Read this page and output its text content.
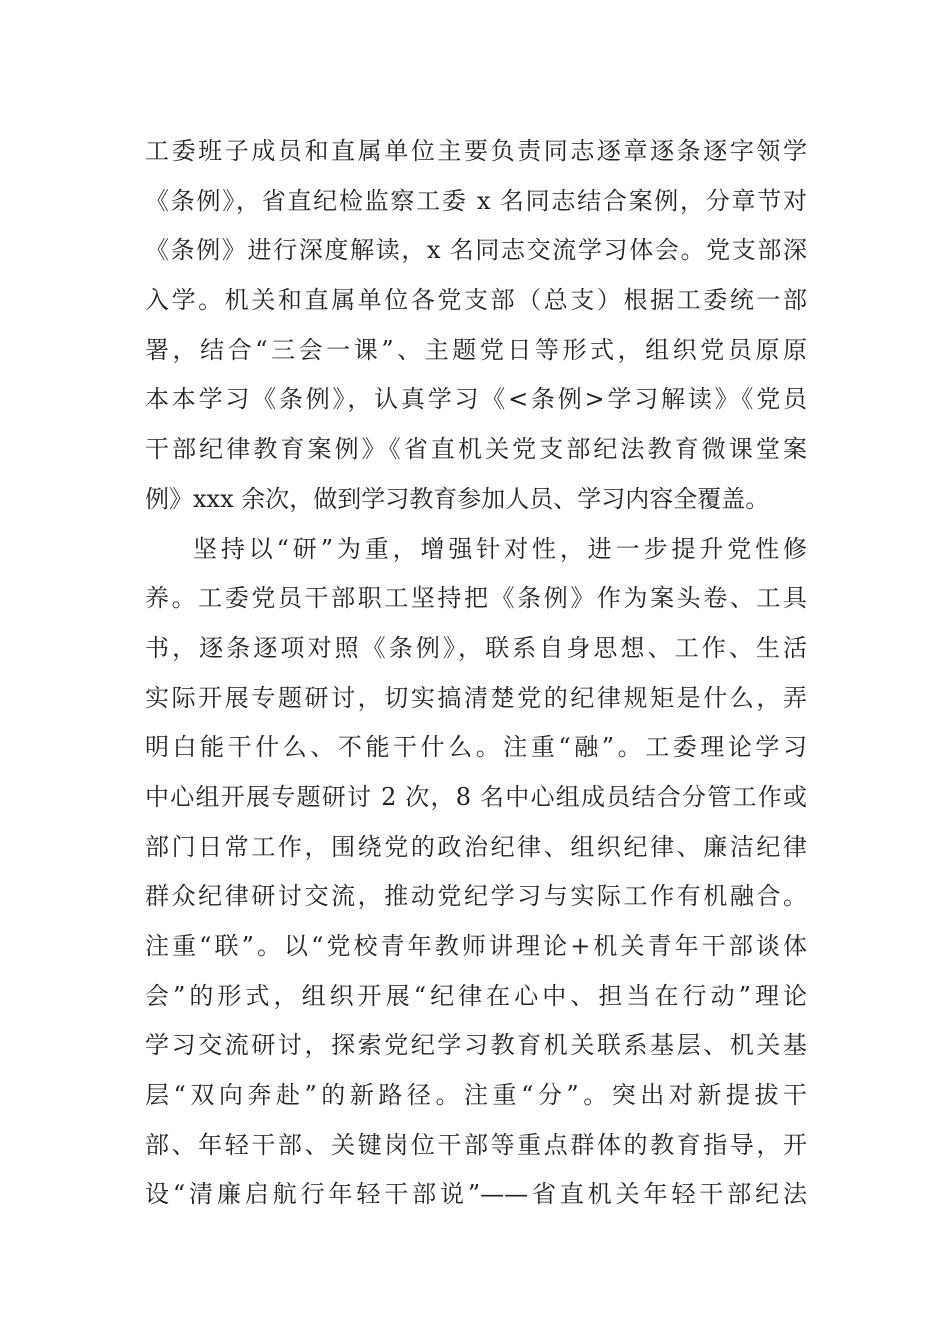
工委班子成员和直属单位主要负责同志逐章逐条逐字领学
《条例》，省直纪检监察工委 x 名同志结合案例，分章节对
《条例》进行深度解读，x 名同志交流学习体会。党支部深
入学。机关和直属单位各党支部（总支）根据工委统一部
署，结合“三会一课”、主题党日等形式，组织党员原原
本本学习《条例》，认真学习《<条例>学习解读》《党员
干部纪律教育案例》《省直机关党支部纪法教育微课堂案
例》xxx 余次，做到学习教育参加人员、学习内容全覆盖。
坚持以“研”为重，增强针对性，进一步提升党性修
养。工委党员干部职工坚持把《条例》作为案头卷、工具
书，逐条逐项对照《条例》，联系自身思想、工作、生活
实际开展专题研讨，切实搞清楚党的纪律规矩是什么，弄
明白能干什么、不能干什么。注重“融”。工委理论学习
中心组开展专题研讨 2 次，8 名中心组成员结合分管工作或
部门日常工作，围绕党的政治纪律、组织纪律、廉洁纪律
群众纪律研讨交流，推动党纪学习与实际工作有机融合。
注重“联”。以“党校青年教师讲理论+机关青年干部谈体
会”的形式，组织开展“纪律在心中、担当在行动”理论
学习交流研讨，探索党纪学习教育机关联系基层、机关基
层“双向奔赴”的新路径。注重“分”。突出对新提拔干
部、年轻干部、关键岗位干部等重点群体的教育指导，开
设“清廉启航行年轻干部说”——省直机关年轻干部纪法
